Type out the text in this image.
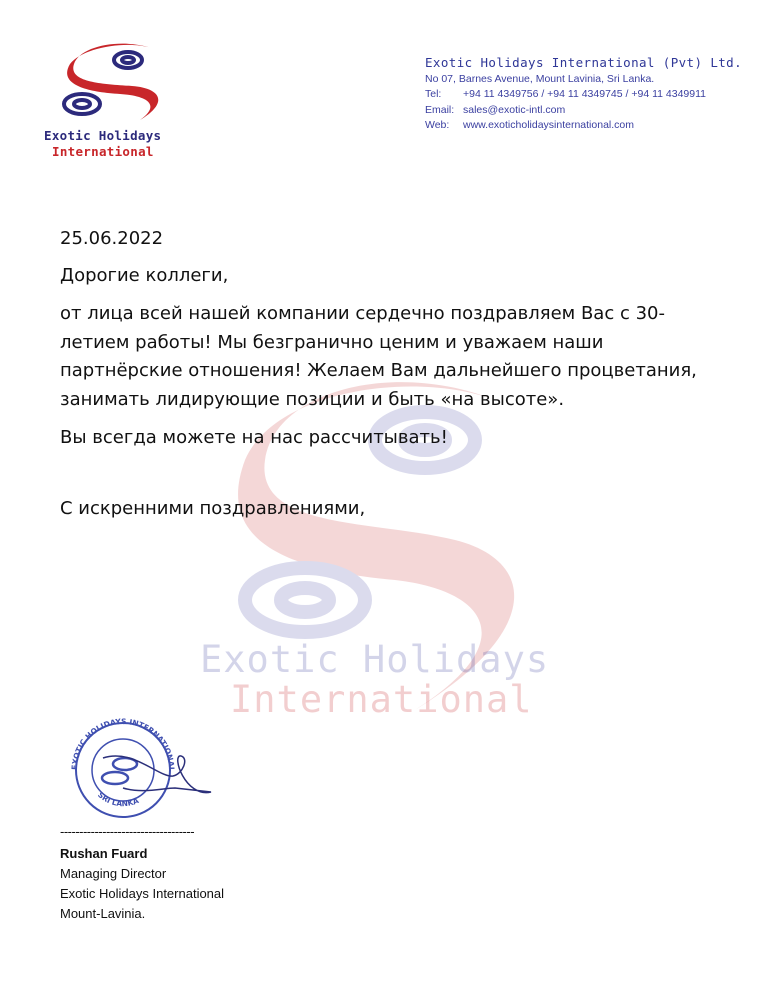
Exotic Holidays
International
Exotic Holidays International (Pvt) Ltd.
No 07, Barnes Avenue, Mount Lavinia, Sri Lanka.
Tel: +94 11 4349756 / +94 11 4349745 / +94 11 4349911
Email: sales@exotic-intl.com
Web: www.exoticholidaysinternational.com
Exotic Holidays
International

25.06.2022

Дорогие коллеги,

от лица всей нашей компании сердечно поздравляем Вас с 30-летием работы! Мы безгранично ценим и уважаем наши партнёрские отношения! Желаем Вам дальнейшего процветания, занимать лидирующие позиции и быть «на высоте».

Вы всегда можете на нас рассчитывать!

С искренними поздравлениями,

EXOTIC HOLIDAYS INTERNATIONAL
SRI LANKA
-----------------------------------
Rushan Fuard
Managing Director
Exotic Holidays International
Mount-Lavinia.
